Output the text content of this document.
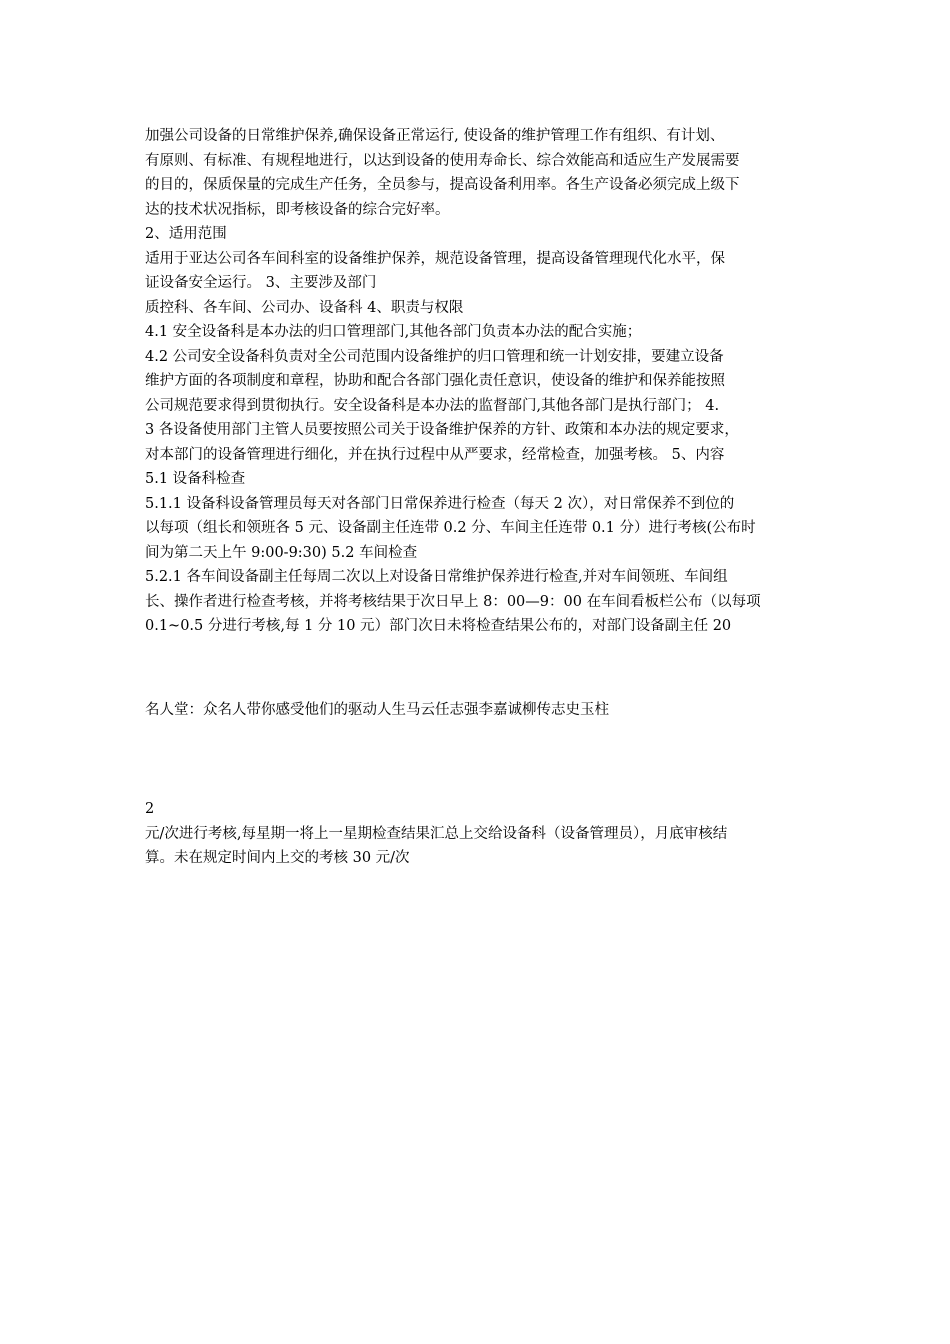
加强公司设备的日常维护保养,确保设备正常运行, 使设备的维护管理工作有组织、有计划、

有原则、有标准、有规程地进行，以达到设备的使用寿命长、综合效能高和适应生产发展需要

的目的，保质保量的完成生产任务，全员参与，提高设备利用率。各生产设备必须完成上级下

达的技术状况指标，即考核设备的综合完好率。

2、适用范围

适用于亚达公司各车间科室的设备维护保养，规范设备管理，提高设备管理现代化水平，保

证设备安全运行。 3、主要涉及部门

质控科、各车间、公司办、设备科 4、职责与权限

4.1 安全设备科是本办法的归口管理部门,其他各部门负责本办法的配合实施；

4.2 公司安全设备科负责对全公司范围内设备维护的归口管理和统一计划安排，要建立设备

维护方面的各项制度和章程，协助和配合各部门强化责任意识，使设备的维护和保养能按照

公司规范要求得到贯彻执行。安全设备科是本办法的监督部门,其他各部门是执行部门； 4.

3 各设备使用部门主管人员要按照公司关于设备维护保养的方针、政策和本办法的规定要求，

对本部门的设备管理进行细化，并在执行过程中从严要求，经常检查，加强考核。 5、内容

5.1 设备科检查

5.1.1 设备科设备管理员每天对各部门日常保养进行检查（每天 2 次），对日常保养不到位的

以每项（组长和领班各 5 元、设备副主任连带 0.2 分、车间主任连带 0.1 分）进行考核(公布时

间为第二天上午 9:00-9:30) 5.2 车间检查

5.2.1 各车间设备副主任每周二次以上对设备日常维护保养进行检查,并对车间领班、车间组

长、操作者进行检查考核，并将考核结果于次日早上 8：00—9：00 在车间看板栏公布（以每项

0.1~0.5 分进行考核,每 1 分 10 元）部门次日未将检查结果公布的，对部门设备副主任 20

名人堂：众名人带你感受他们的驱动人生马云任志强李嘉诚柳传志史玉柱

2

元/次进行考核,每星期一将上一星期检查结果汇总上交给设备科（设备管理员），月底审核结

算。未在规定时间内上交的考核 30 元/次
